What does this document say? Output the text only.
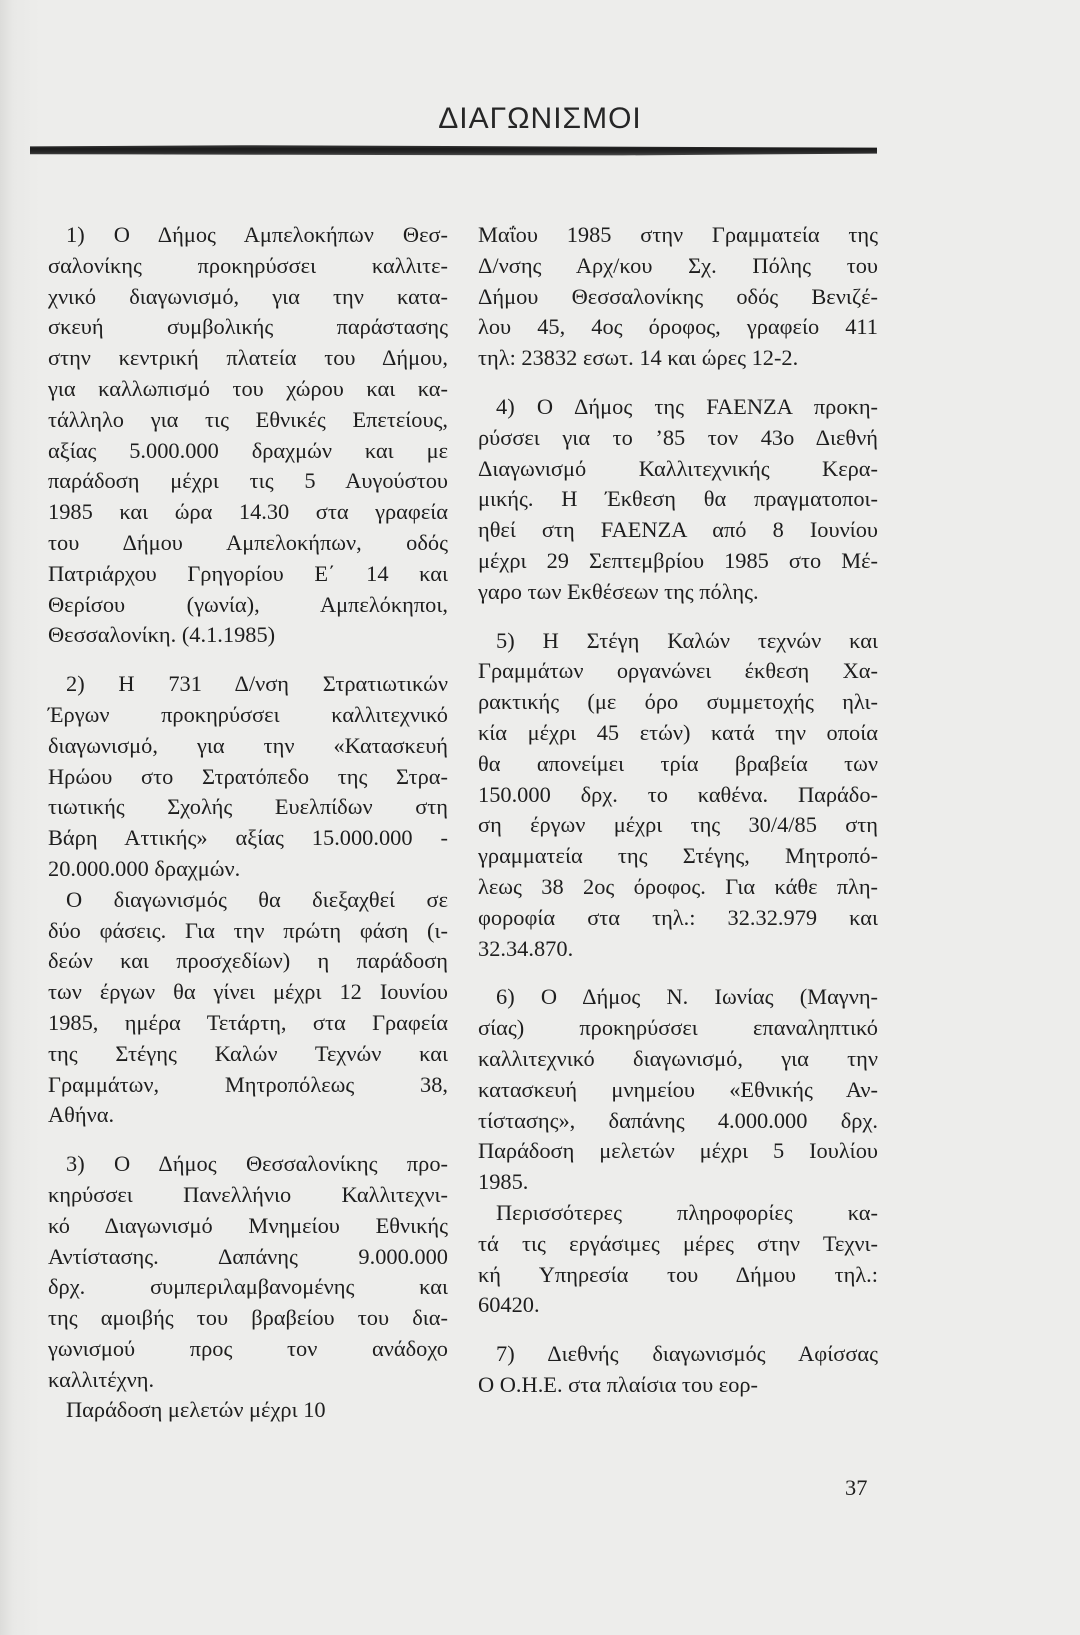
ΔΙΑΓΩΝΙΣΜΟΙ
1) Ο Δήμος Αμπελοκήπων Θεσ-
σαλονίκης προκηρύσσει καλλιτε-
χνικό διαγωνισμό, για την κατα-
σκευή συμβολικής παράστασης
στην κεντρική πλατεία του Δήμου,
για καλλωπισμό του χώρου και κα-
τάλληλο για τις Εθνικές Επετείους,
αξίας 5.000.000 δραχμών και με
παράδοση μέχρι τις 5 Αυγούστου
1985 και ώρα 14.30 στα γραφεία
του Δήμου Αμπελοκήπων, οδός
Πατριάρχου Γρηγορίου Ε΄ 14 και
Θερίσου (γωνία), Αμπελόκηποι,
Θεσσαλονίκη. (4.1.1985)
2) Η 731 Δ/νση Στρατιωτικών
Έργων προκηρύσσει καλλιτεχνικό
διαγωνισμό, για την «Κατασκευή
Ηρώου στο Στρατόπεδο της Στρα-
τιωτικής Σχολής Ευελπίδων στη
Βάρη Αττικής» αξίας 15.000.000 -
20.000.000 δραχμών.
Ο διαγωνισμός θα διεξαχθεί σε
δύο φάσεις. Για την πρώτη φάση (ι-
δεών και προσχεδίων) η παράδοση
των έργων θα γίνει μέχρι 12 Ιουνίου
1985, ημέρα Τετάρτη, στα Γραφεία
της Στέγης Καλών Τεχνών και
Γραμμάτων, Μητροπόλεως 38,
Αθήνα.
3) Ο Δήμος Θεσσαλονίκης προ-
κηρύσσει Πανελλήνιο Καλλιτεχνι-
κό Διαγωνισμό Μνημείου Εθνικής
Αντίστασης. Δαπάνης 9.000.000
δρχ. συμπεριλαμβανομένης και
της αμοιβής του βραβείου του δια-
γωνισμού προς τον ανάδοχο
καλλιτέχνη.
Παράδοση μελετών μέχρι 10
Μαΐου 1985 στην Γραμματεία της
Δ/νσης Αρχ/κου Σχ. Πόλης του
Δήμου Θεσσαλονίκης οδός Βενιζέ-
λου 45, 4ος όροφος, γραφείο 411
τηλ: 23832 εσωτ. 14 και ώρες 12-2.
4) Ο Δήμος της FAENZA προκη-
ρύσσει για το ’85 τον 43ο Διεθνή
Διαγωνισμό Καλλιτεχνικής Κερα-
μικής. Η Έκθεση θα πραγματοποι-
ηθεί στη FAENZA από 8 Ιουνίου
μέχρι 29 Σεπτεμβρίου 1985 στο Μέ-
γαρο των Εκθέσεων της πόλης.
5) Η Στέγη Καλών τεχνών και
Γραμμάτων οργανώνει έκθεση Χα-
ρακτικής (με όρο συμμετοχής ηλι-
κία μέχρι 45 ετών) κατά την οποία
θα απονείμει τρία βραβεία των
150.000 δρχ. το καθένα. Παράδο-
ση έργων μέχρι της 30/4/85 στη
γραμματεία της Στέγης, Μητροπό-
λεως 38 2ος όροφος. Για κάθε πλη-
φοροφία στα τηλ.: 32.32.979 και
32.34.870.
6) Ο Δήμος Ν. Ιωνίας (Μαγνη-
σίας) προκηρύσσει επαναληπτικό
καλλιτεχνικό διαγωνισμό, για την
κατασκευή μνημείου «Εθνικής Αν-
τίστασης», δαπάνης 4.000.000 δρχ.
Παράδοση μελετών μέχρι 5 Ιουλίου
1985.
Περισσότερες πληροφορίες κα-
τά τις εργάσιμες μέρες στην Τεχνι-
κή Υπηρεσία του Δήμου τηλ.:
60420.
7) Διεθνής διαγωνισμός Αφίσσας
Ο Ο.Η.Ε. στα πλαίσια του εορ-
37
